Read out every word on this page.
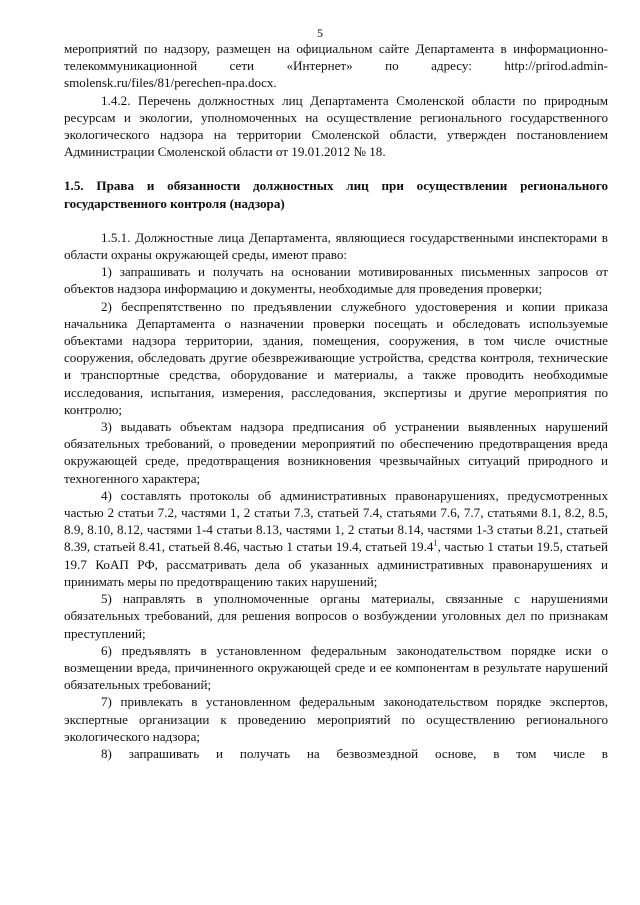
5

мероприятий по надзору, размещен на официальном сайте Департамента в информационно-телекоммуникационной сети «Интернет» по адресу: http://prirod.admin-smolensk.ru/files/81/perechen-npa.docx.

1.4.2. Перечень должностных лиц Департамента Смоленской области по природным ресурсам и экологии, уполномоченных на осуществление регионального государственного экологического надзора на территории Смоленской области, утвержден постановлением Администрации Смоленской области от 19.01.2012 № 18.

1.5. Права и обязанности должностных лиц при осуществлении регионального государственного контроля (надзора)

1.5.1. Должностные лица Департамента, являющиеся государственными инспекторами в области охраны окружающей среды, имеют право:

1) запрашивать и получать на основании мотивированных письменных запросов от объектов надзора информацию и документы, необходимые для проведения проверки;

2) беспрепятственно по предъявлении служебного удостоверения и копии приказа начальника Департамента о назначении проверки посещать и обследовать используемые объектами надзора территории, здания, помещения, сооружения, в том числе очистные сооружения, обследовать другие обезвреживающие устройства, средства контроля, технические и транспортные средства, оборудование и материалы, а также проводить необходимые исследования, испытания, измерения, расследования, экспертизы и другие мероприятия по контролю;

3) выдавать объектам надзора предписания об устранении выявленных нарушений обязательных требований, о проведении мероприятий по обеспечению предотвращения вреда окружающей среде, предотвращения возникновения чрезвычайных ситуаций природного и техногенного характера;

4) составлять протоколы об административных правонарушениях, предусмотренных частью 2 статьи 7.2, частями 1, 2 статьи 7.3, статьей 7.4, статьями 7.6, 7.7, статьями 8.1, 8.2, 8.5, 8.9, 8.10, 8.12, частями 1-4 статьи 8.13, частями 1, 2 статьи 8.14, частями 1-3 статьи 8.21, статьей 8.39, статьей 8.41, статьей 8.46, частью 1 статьи 19.4, статьей 19.4$^1$, частью 1 статьи 19.5, статьей 19.7 КоАП РФ, рассматривать дела об указанных административных правонарушениях и принимать меры по предотвращению таких нарушений;

5) направлять в уполномоченные органы материалы, связанные с нарушениями обязательных требований, для решения вопросов о возбуждении уголовных дел по признакам преступлений;

6) предъявлять в установленном федеральным законодательством порядке иски о возмещении вреда, причиненного окружающей среде и ее компонентам в результате нарушений обязательных требований;

7) привлекать в установленном федеральным законодательством порядке экспертов, экспертные организации к проведению мероприятий по осуществлению регионального экологического надзора;

8) запрашивать и получать на безвозмездной основе, в том числе в
